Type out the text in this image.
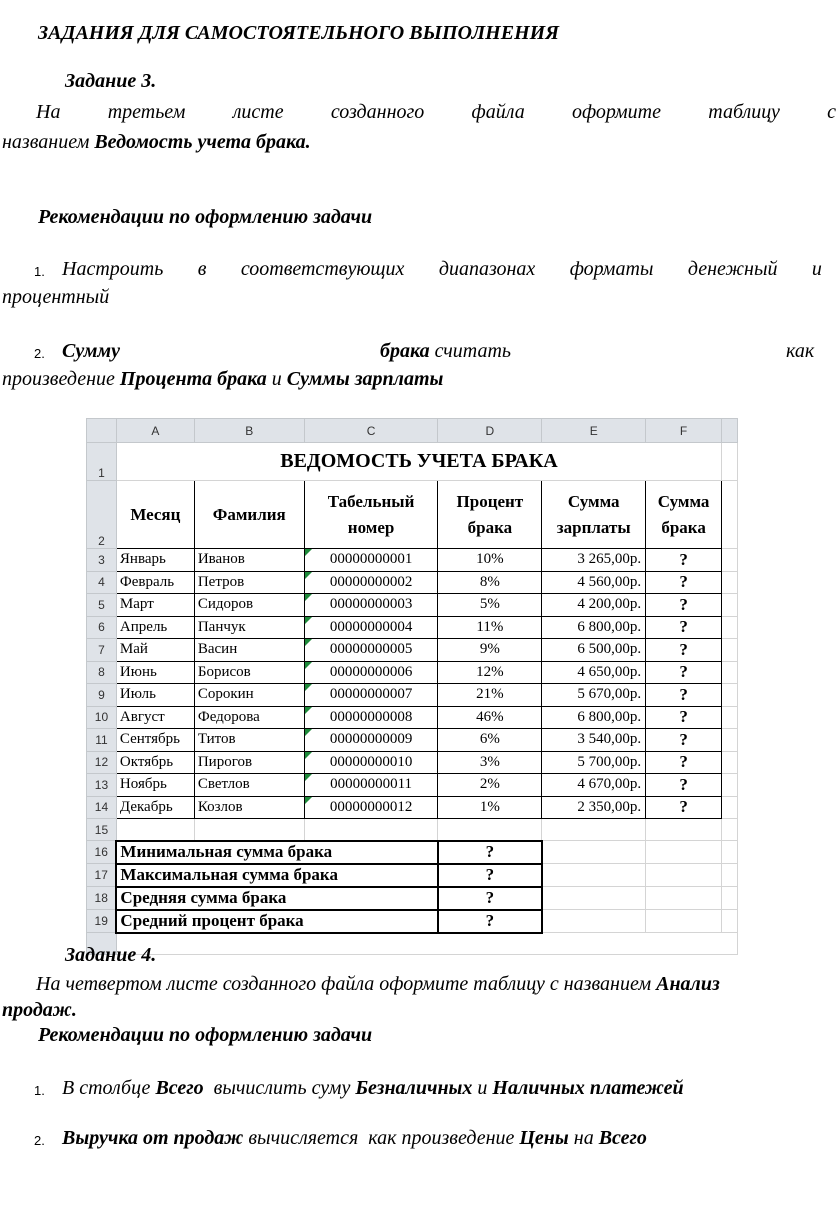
ЗАДАНИЯ ДЛЯ САМОСТОЯТЕЛЬНОГО ВЫПОЛНЕНИЯ
Задание 3.
На третьем листе созданного файла оформите таблицу с
названием Ведомость учета брака.
Рекомендации по оформлению задачи
1. Настроить в соответствующих диапазонах форматы денежный и
процентный
2. Сумму	брака считать	как
произведение Процента брака и Суммы зарплаты
	A	B	C	D	E	F	
1	ВЕДОМОСТЬ УЧЕТА БРАКА						
2	Месяц	Фамилия	Табельный номер	Процент брака	Сумма зарплаты	Сумма брака	
3	Январь	Иванов	00000000001	10%	3 265,00р.	?	
4	Февраль	Петров	00000000002	8%	4 560,00р.	?	
5	Март	Сидоров	00000000003	5%	4 200,00р.	?	
6	Апрель	Панчук	00000000004	11%	6 800,00р.	?	
7	Май	Васин	00000000005	9%	6 500,00р.	?	
8	Июнь	Борисов	00000000006	12%	4 650,00р.	?	
9	Июль	Сорокин	00000000007	21%	5 670,00р.	?	
10	Август	Федорова	00000000008	46%	6 800,00р.	?	
11	Сентябрь	Титов	00000000009	6%	3 540,00р.	?	
12	Октябрь	Пирогов	00000000010	3%	5 700,00р.	?	
13	Ноябрь	Светлов	00000000011	2%	4 670,00р.	?	
14	Декабрь	Козлов	00000000012	1%	2 350,00р.	?	
15							
16	Минимальная сумма брака			?			
17	Максимальная сумма брака			?			
18	Средняя сумма брака			?			
19	Средний процент брака			?			

Задание 4.
На четвертом листе созданного файла оформите таблицу с названием Анализ
продаж.
Рекомендации по оформлению задачи
1. В столбце Всего  вычислить суму Безналичных и Наличных платежей
2. Выручка от продаж вычисляется  как произведение Цены на Всего
